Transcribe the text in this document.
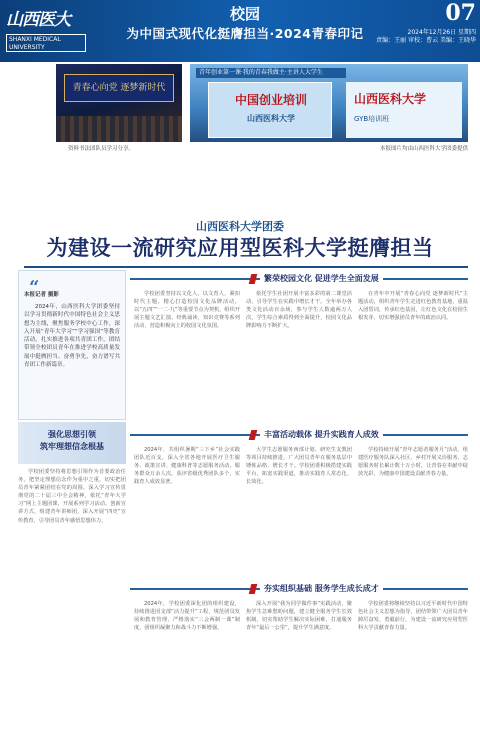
山西医大
SHANXI MEDICAL UNIVERSITY
校园
为中国式现代化挺膺担当·2024青春印记
07
2024年12月26日 星期四
责编：王丽 审校：曹云 美编：王晓华
青春心向党 逐梦新时代
青年创业第一课·我的青春我做主·主讲人大学生
中国创业培训
山西医科大学
山西医科大学
GYB培训班
资料书法团队员学习分享。	本报图片均由山西医科大学团委提供
山西医科大学团委
为建设一流研究应用型医科大学挺膺担当
“
本报记者 摄影
2024年，山西医科大学团委坚持以学习贯彻新时代中国特色社会主义思想为主线，聚焦服务学校中心工作，深入开展“青年大学习”“学习强国”等教育活动，扎实推进各项共青团工作，团结带领全校团员青年在推进学校高质量发展中挺膺担当、奋勇争先，奋力谱写共青团工作新篇章。
强化思想引领
筑牢理想信念根基
学校团委坚持将思想引领作为首要政治任务，把坚定理想信念作为重中之重，切实把团员青年紧紧团结在党的周围。深入学习宣传贯彻党的二十届三中全会精神，依托“青年大学习”网上主题团课，开展系列学习活动。创新宣讲方式，组建青年讲师团，深入开展“四史”宣传教育，引导团员青年感悟思想伟力。
繁荣校园文化 促进学生全面发展
学校团委坚持以文化人、以文育人，紧扣时代主题，精心打造校园文化品牌活动。以“五四”“一二·九”等重要节点为契机，组织开展主题文艺汇演、经典诵读、知识竞赛等系列活动，营造积极向上的校园文化氛围。
依托学生社团开展丰富多彩的第二课堂活动，引导学生在实践中增长才干。全年举办各类文化活动百余场，参与学生人数逾两万人次，学生综合素质得到全面提升，校园文化品牌影响力不断扩大。
在青年中开展“青春心向党 逐梦新时代”主题活动，组织青年学生走进红色教育基地，重温入团誓词，传承红色基因，让红色文化在校园生根发芽，切实增强团员青年的政治认同。
丰富活动载体 提升实践育人成效
2024年，共组织暑期“三下乡”社会实践团队近百支，深入全省各地开展医疗卫生服务、政策宣讲、健康科普等志愿服务活动，服务群众万余人次，获评省级优秀团队多个，实践育人成效显著。
大学生志愿服务西部计划、研究生支教团等项目持续推进，广大团员青年在服务基层中锤炼品格、增长才干。学校团委积极搭建实践平台，拓宽实践渠道，推动实践育人常态化、长效化。
学校持续开展“青年志愿者服务月”活动，组建医疗服务队深入社区、乡村开展义诊服务，志愿服务时长累计数十万小时，让青春在奉献中绽放光彩，为健康中国建设贡献青春力量。
夯实组织基础 服务学生成长成才
2024年，学校团委深化团的组织建设，持续推进团支部“活力提升”工程，规范团员发展和教育管理，严格落实“三会两制一课”制度，团组织凝聚力和战斗力不断增强。
深入开展“我为同学做件事”实践活动，聚焦学生急难愁盼问题，建立健全服务学生长效机制，切实帮助学生解决实际困难，打通服务青年“最后一公里”，提升学生满意度。
学校团委将继续坚持以习近平新时代中国特色社会主义思想为指导，团结带领广大团员青年踔厉奋发、勇毅前行，为建设一流研究应用型医科大学贡献青春力量。
